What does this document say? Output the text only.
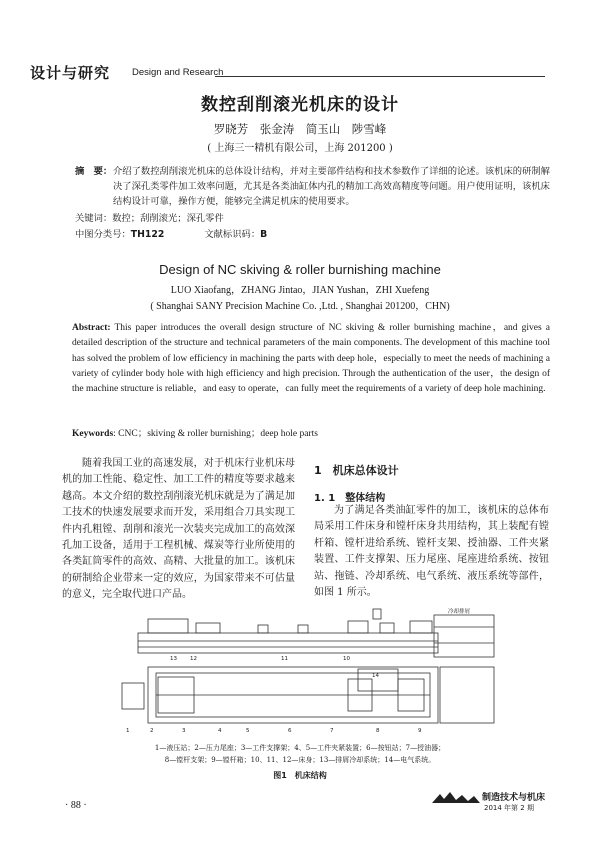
设计与研究 Design and Research
数控刮削滚光机床的设计
罗晓芳　张金涛　简玉山　陟雪峰
( 上海三一精机有限公司，上海 201200 )
摘　要： 介绍了数控刮削滚光机床的总体设计结构，并对主要部件结构和技术参数作了详细的论述。该机床的研制解决了深孔类零件加工效率问题，尤其是各类油缸体内孔的精加工高效高精度等问题。用户使用证明，该机床结构设计可靠，操作方便，能够完全满足机床的使用要求。
关键词：数控；刮削滚光；深孔零件
中图分类号：TH122	文献标识码：B
Design of NC skiving & roller burnishing machine
LUO Xiaofang，ZHANG Jintao，JIAN Yushan，ZHI Xuefeng
( Shanghai SANY Precision Machine Co. ,Ltd. , Shanghai 201200，CHN)
Abstract: This paper introduces the overall design structure of NC skiving & roller burnishing machine，and gives a detailed description of the structure and technical parameters of the main components. The development of this machine tool has solved the problem of low efficiency in machining the parts with deep hole，especially to meet the needs of machining a variety of cylinder body hole with high efficiency and high precision. Through the authentication of the user，the design of the machine structure is reliable，and easy to operate，can fully meet the requirements of a variety of deep hole machining.
Keywords: CNC；skiving & roller burnishing；deep hole parts
随着我国工业的高速发展，对于机床行业机床母机的加工性能、稳定性、加工工件的精度等要求越来越高。本文介绍的数控刮削滚光机床就是为了满足加工技术的快速发展要求而开发，采用组合刀具实现工件内孔粗镗、刮削和滚光一次装夹完成加工的高效深孔加工设备，适用于工程机械、煤炭等行业所使用的各类缸筒零件的高效、高精、大批量的加工。该机床的研制给企业带来一定的效应，为国家带来不可估量的意义，完全取代进口产品。
1　机床总体设计
1. 1　整体结构
为了满足各类油缸零件的加工，该机床的总体布局采用工件床身和镗杆床身共用结构，其上装配有镗杆箱、镗杆进给系统、镗杆支架、授油器、工件夹紧装置、工件支撑架、压力尾座、尾座进给系统、按钮站、拖链、冷却系统、电气系统、液压系统等部件，如图 1 所示。
冷却排屑
13 12	11	10
14
1	2	3	4	5	6	7	8	9
1—液压站；2—压力尾座；3—工件支撑架；4、5—工件夹紧装置；6—按钮站；7—授油器；
8—镗杆支架；9—镗杆箱；10、11、12—床身；13—排屑冷却系统；14—电气系统。
图1　机床结构
· 88 ·
制造技术与机床
2014 年第 2 期
